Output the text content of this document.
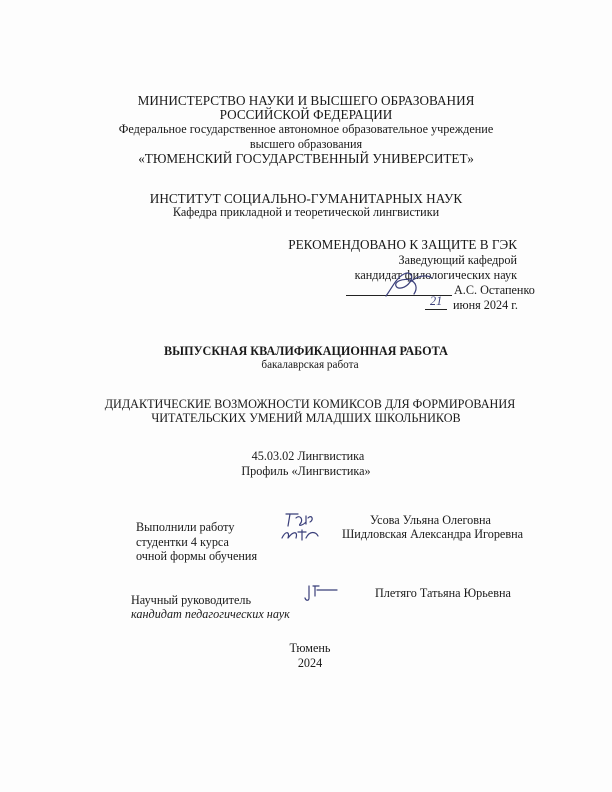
МИНИСТЕРСТВО НАУКИ И ВЫСШЕГО ОБРАЗОВАНИЯ
РОССИЙСКОЙ ФЕДЕРАЦИИ
Федеральное государственное автономное образовательное учреждение
высшего образования
«ТЮМЕНСКИЙ ГОСУДАРСТВЕННЫЙ УНИВЕРСИТЕТ»
ИНСТИТУТ СОЦИАЛЬНО-ГУМАНИТАРНЫХ НАУК
Кафедра прикладной и теоретической лингвистики
РЕКОМЕНДОВАНО К ЗАЩИТЕ В ГЭК
Заведующий кафедрой
кандидат филологических наук
А.С. Остапенко
21 июня 2024 г.
ВЫПУСКНАЯ КВАЛИФИКАЦИОННАЯ РАБОТА
бакалаврская работа
ДИДАКТИЧЕСКИЕ ВОЗМОЖНОСТИ КОМИКСОВ ДЛЯ ФОРМИРОВАНИЯ
ЧИТАТЕЛЬСКИХ УМЕНИЙ МЛАДШИХ ШКОЛЬНИКОВ
45.03.02 Лингвистика
Профиль «Лингвистика»
Выполнили работу
студентки 4 курса
очной формы обучения
Усова Ульяна Олеговна
Шидловская Александра Игоревна
Научный руководитель
кандидат педагогических наук
Плетяго Татьяна Юрьевна
Тюмень
2024
